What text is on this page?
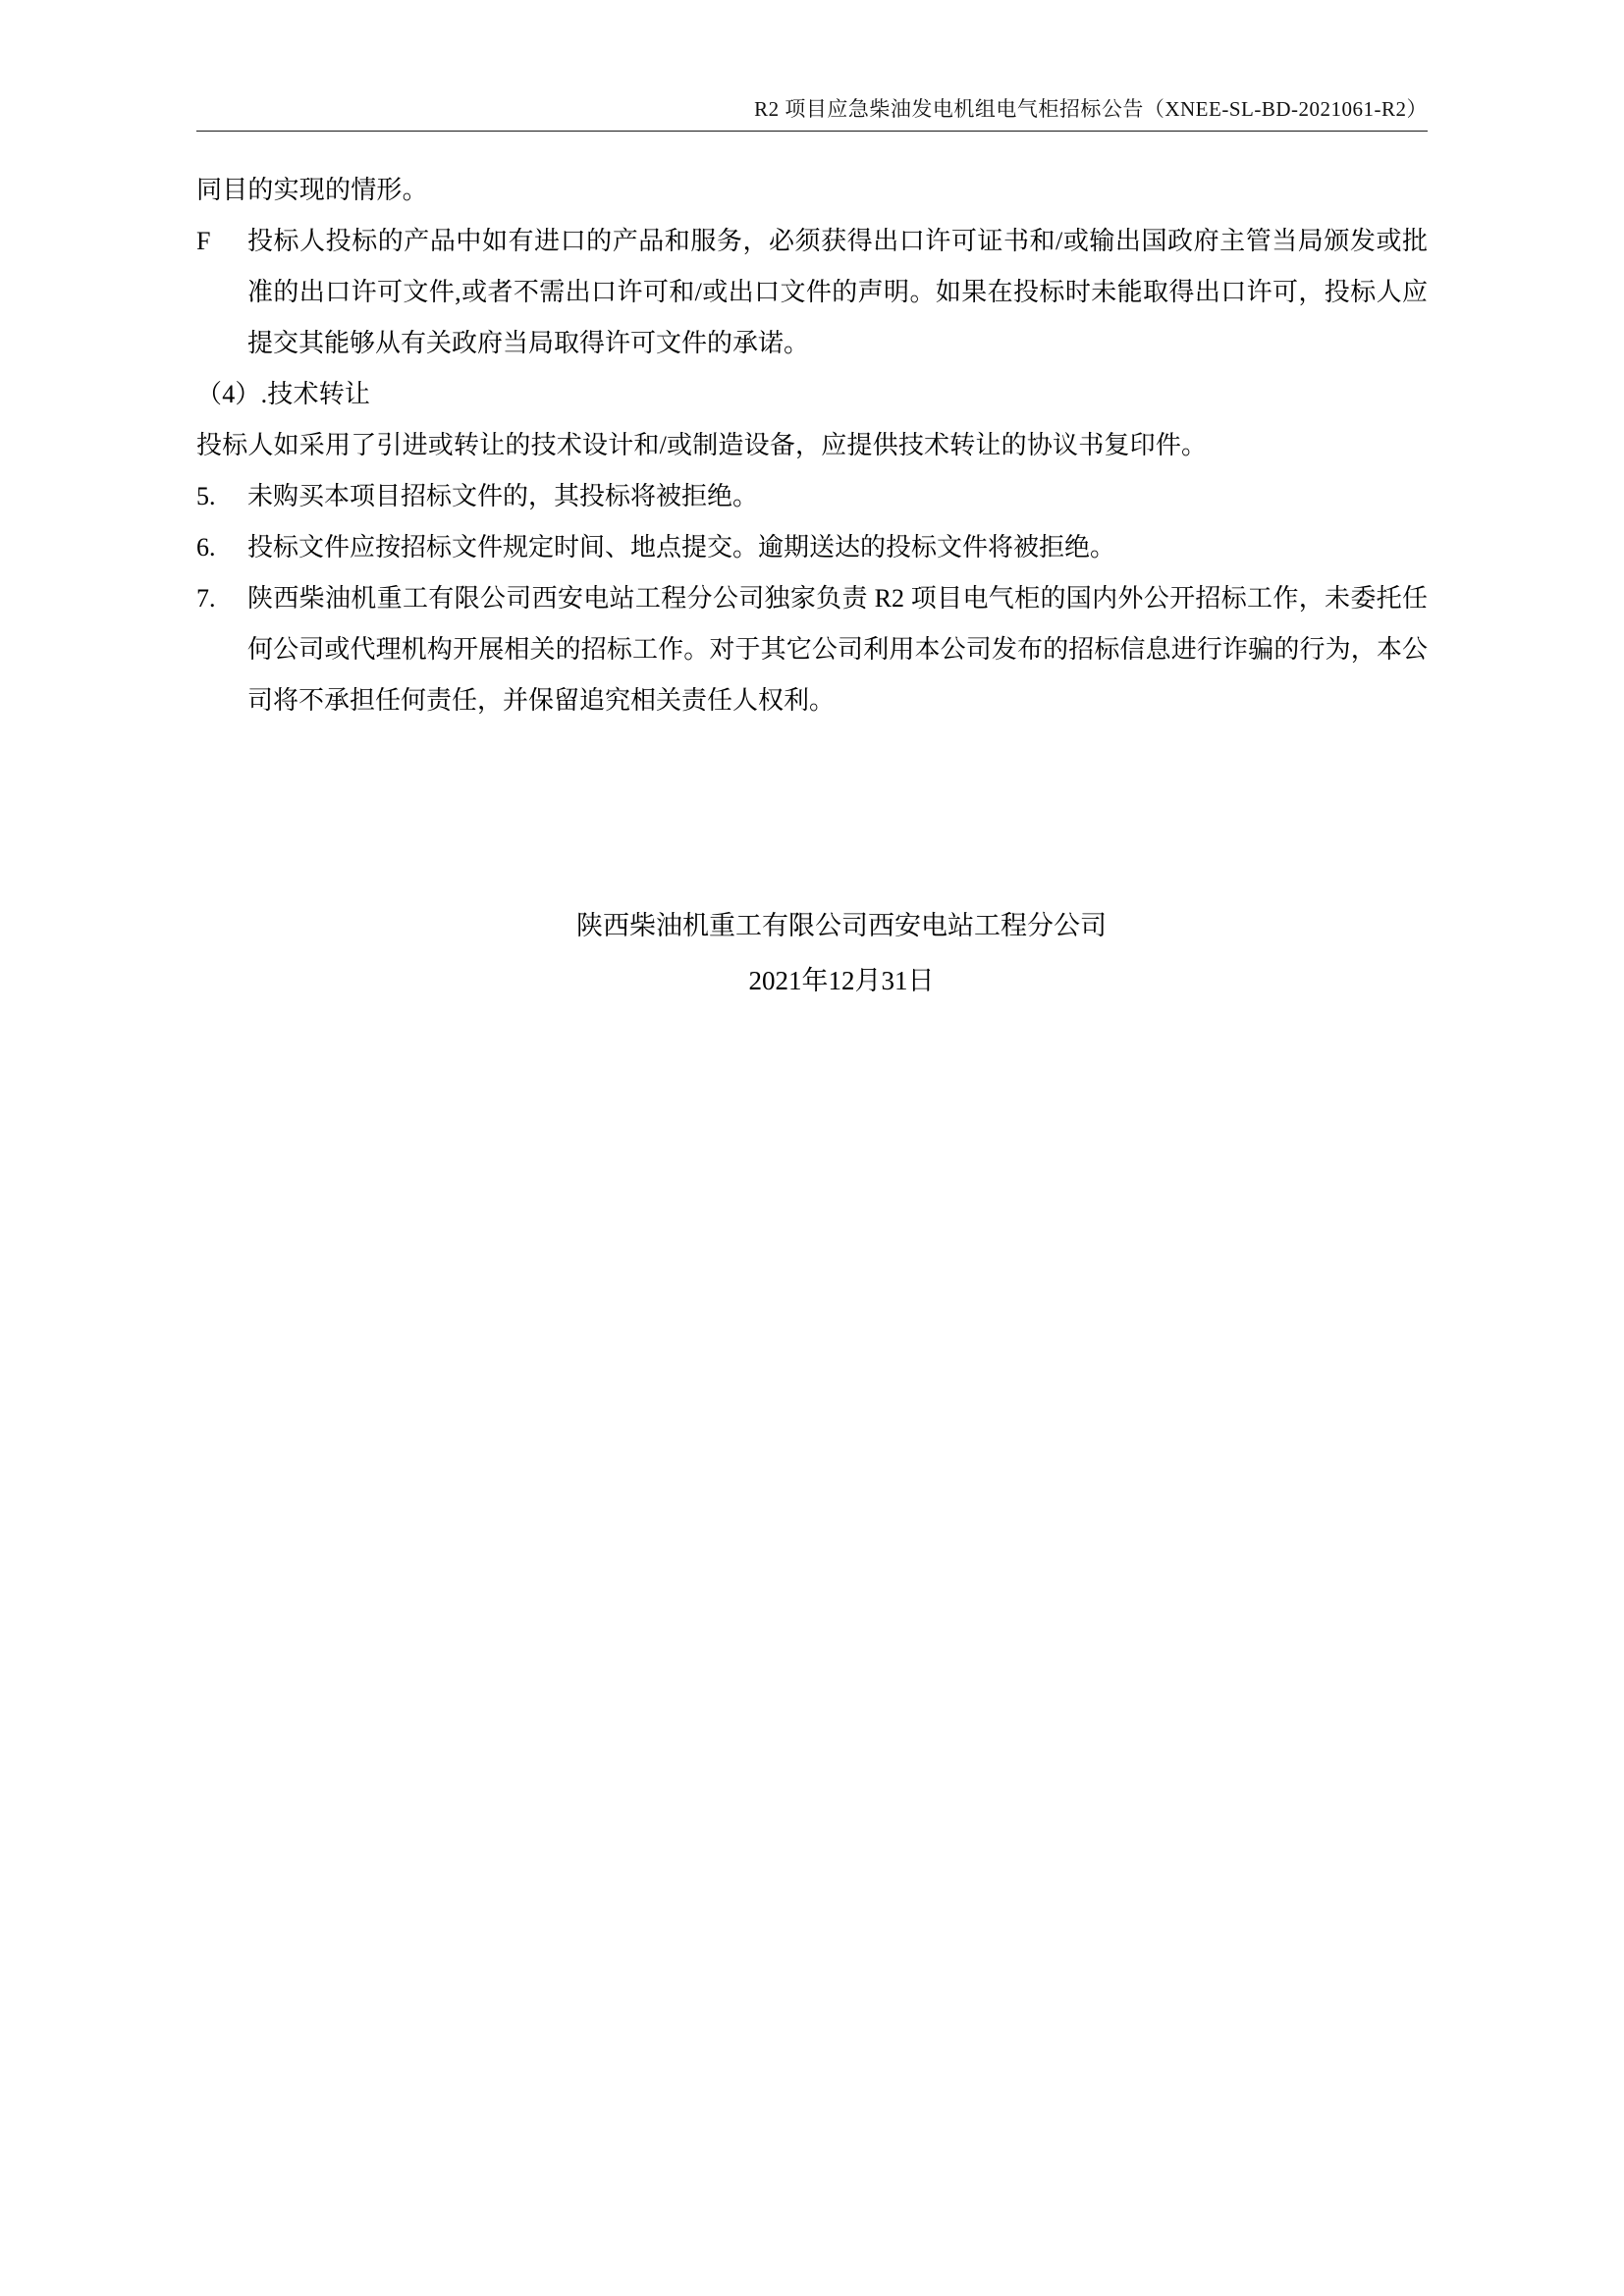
R2 项目应急柴油发电机组电气柜招标公告（XNEE-SL-BD-2021061-R2）

同目的实现的情形。

F	投标人投标的产品中如有进口的产品和服务，必须获得出口许可证书和/或输出国政府主管当局颁发或批准的出口许可文件,或者不需出口许可和/或出口文件的声明。如果在投标时未能取得出口许可，投标人应提交其能够从有关政府当局取得许可文件的承诺。

（4）.技术转让

投标人如采用了引进或转让的技术设计和/或制造设备，应提供技术转让的协议书复印件。

5.	未购买本项目招标文件的，其投标将被拒绝。
6.	投标文件应按招标文件规定时间、地点提交。逾期送达的投标文件将被拒绝。
7.	陕西柴油机重工有限公司西安电站工程分公司独家负责 R2 项目电气柜的国内外公开招标工作，未委托任何公司或代理机构开展相关的招标工作。对于其它公司利用本公司发布的招标信息进行诈骗的行为，本公司将不承担任何责任，并保留追究相关责任人权利。
陕西柴油机重工有限公司西安电站工程分公司
2021年12月31日
